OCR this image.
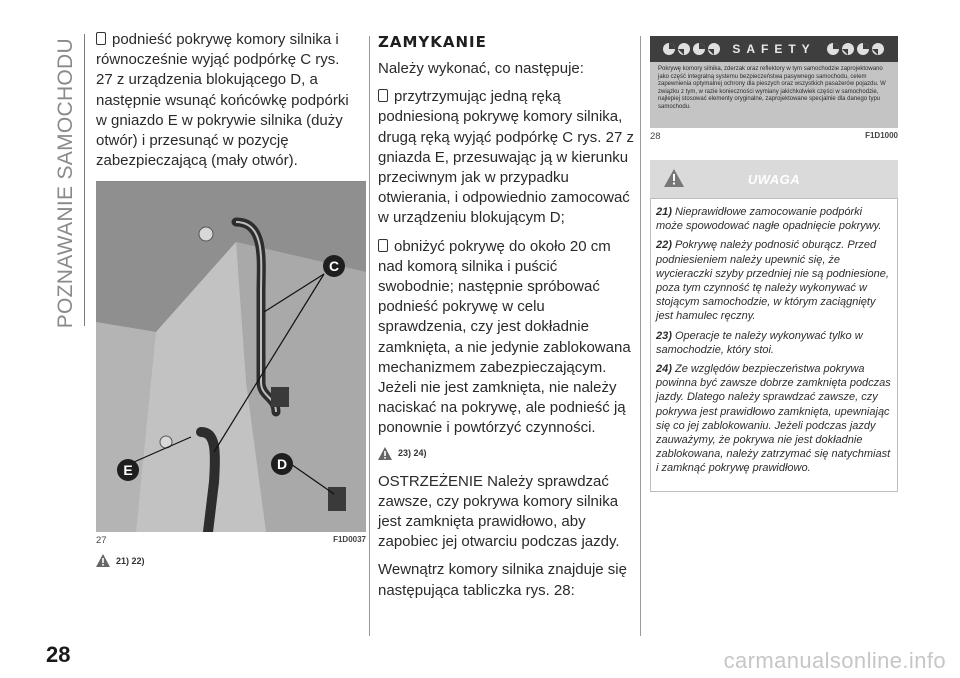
POZNAWANIE SAMOCHODU	podnieść pokrywę komory silnika i równocześnie wyjąć podpórkę C rys. 27 z urządzenia blokującego D, a następnie wsunąć końcówkę podpórki w gniazdo E w pokrywie silnika (duży otwór) i przesunąć w pozycję zabezpieczającą (mały otwór).

C
E	D
27	F1D0037
21) 22)
ZAMYKANIE

Należy wykonać, co następuje:

przytrzymując jedną ręką podniesioną pokrywę komory silnika, drugą ręką wyjąć podpórkę C rys. 27 z gniazda E, przesuwając ją w kierunku przeciwnym jak w przypadku otwierania, i odpowiednio zamocować w urządzeniu blokującym D;

obniżyć pokrywę do około 20 cm nad komorą silnika i puścić swobodnie; następnie spróbować podnieść pokrywę w celu sprawdzenia, czy jest dokładnie zamknięta, a nie jedynie zablokowana mechanizmem zabezpieczającym. Jeżeli nie jest zamknięta, nie należy naciskać na pokrywę, ale podnieść ją ponownie i powtórzyć czynności.

23) 24)

OSTRZEŻENIE Należy sprawdzać zawsze, czy pokrywa komory silnika jest zamknięta prawidłowo, aby zapobiec jej otwarciu podczas jazdy.

Wewnątrz komory silnika znajduje się następująca tabliczka rys. 28:

SAFETY
Pokrywę komory silnika, zderzak oraz reflektory w tym samochodzie zaprojektowano jako część integralną systemu bezpieczeństwa pasywnego samochodu, celem zapewnienia optymalnej ochrony dla pieszych oraz wszystkich pasażerów pojazdu. W związku z tym, w razie konieczności wymiany jakichkolwiek części w samochodzie, najlepiej stosować elementy oryginalne, zaprojektowane specjalnie dla danego typu samochodu.
28	F1D1000
UWAGA

21) Nieprawidłowe zamocowanie podpórki może spowodować nagłe opadnięcie pokrywy.

22) Pokrywę należy podnosić oburącz. Przed podniesieniem należy upewnić się, że wycieraczki szyby przedniej nie są podniesione, poza tym czynność tę należy wykonywać w stojącym samochodzie, w którym zaciągnięty jest hamulec ręczny.

23) Operacje te należy wykonywać tylko w samochodzie, który stoi.

24) Ze względów bezpieczeństwa pokrywa powinna być zawsze dobrze zamknięta podczas jazdy. Dlatego należy sprawdzać zawsze, czy pokrywa jest prawidłowo zamknięta, upewniając się co jej zablokowaniu. Jeżeli podczas jazdy zauważymy, że pokrywa nie jest dokładnie zablokowana, należy zatrzymać się natychmiast i zamknąć pokrywę prawidłowo.

28	carmanualsonline.info
